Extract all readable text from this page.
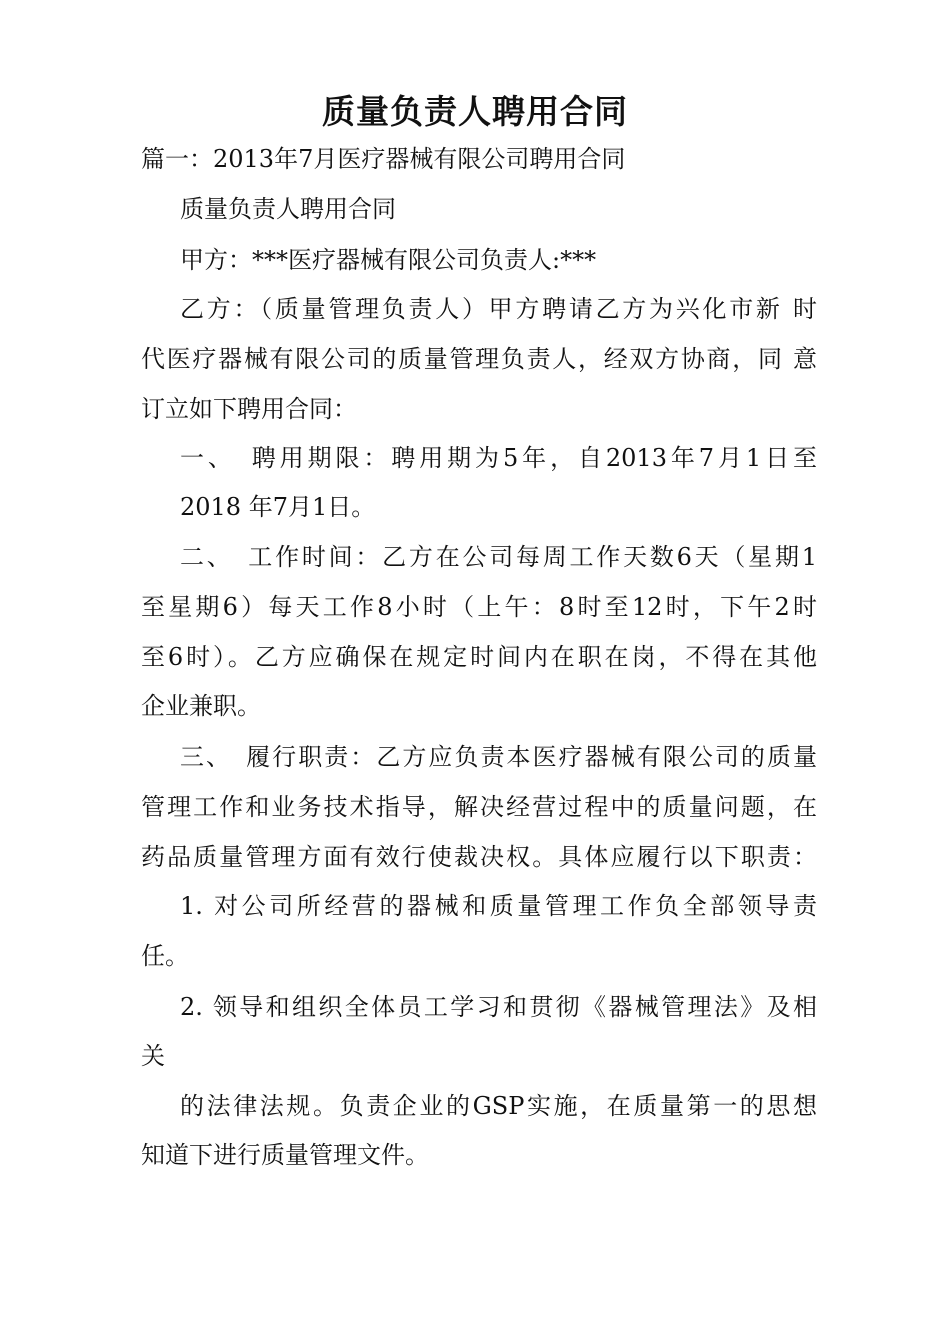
质量负责人聘用合同
篇一：2013年7月医疗器械有限公司聘用合同
质量负责人聘用合同
甲方：***医疗器械有限公司负责人:***
乙方：（质量管理负责人）甲方聘请乙方为兴化市新 时
代医疗器械有限公司的质量管理负责人，经双方协商，同 意
订立如下聘用合同：
一、　聘用期限：聘用期为5年，自2013年7月1日至
2018 年7月1日。
二、　工作时间：乙方在公司每周工作天数6天（星期1
至星期6）每天工作8小时（上午：8时至12时，下午2时
至6时）。乙方应确保在规定时间内在职在岗，不得在其他
企业兼职。
三、　履行职责：乙方应负责本医疗器械有限公司的质量
管理工作和业务技术指导，解决经营过程中的质量问题，在
药品质量管理方面有效行使裁决权。具体应履行以下职责：
1. 对公司所经营的器械和质量管理工作负全部领导责
任。
2. 领导和组织全体员工学习和贯彻《器械管理法》及相
关
的法律法规。负责企业的GSP实施，在质量第一的思想
知道下进行质量管理文件。
